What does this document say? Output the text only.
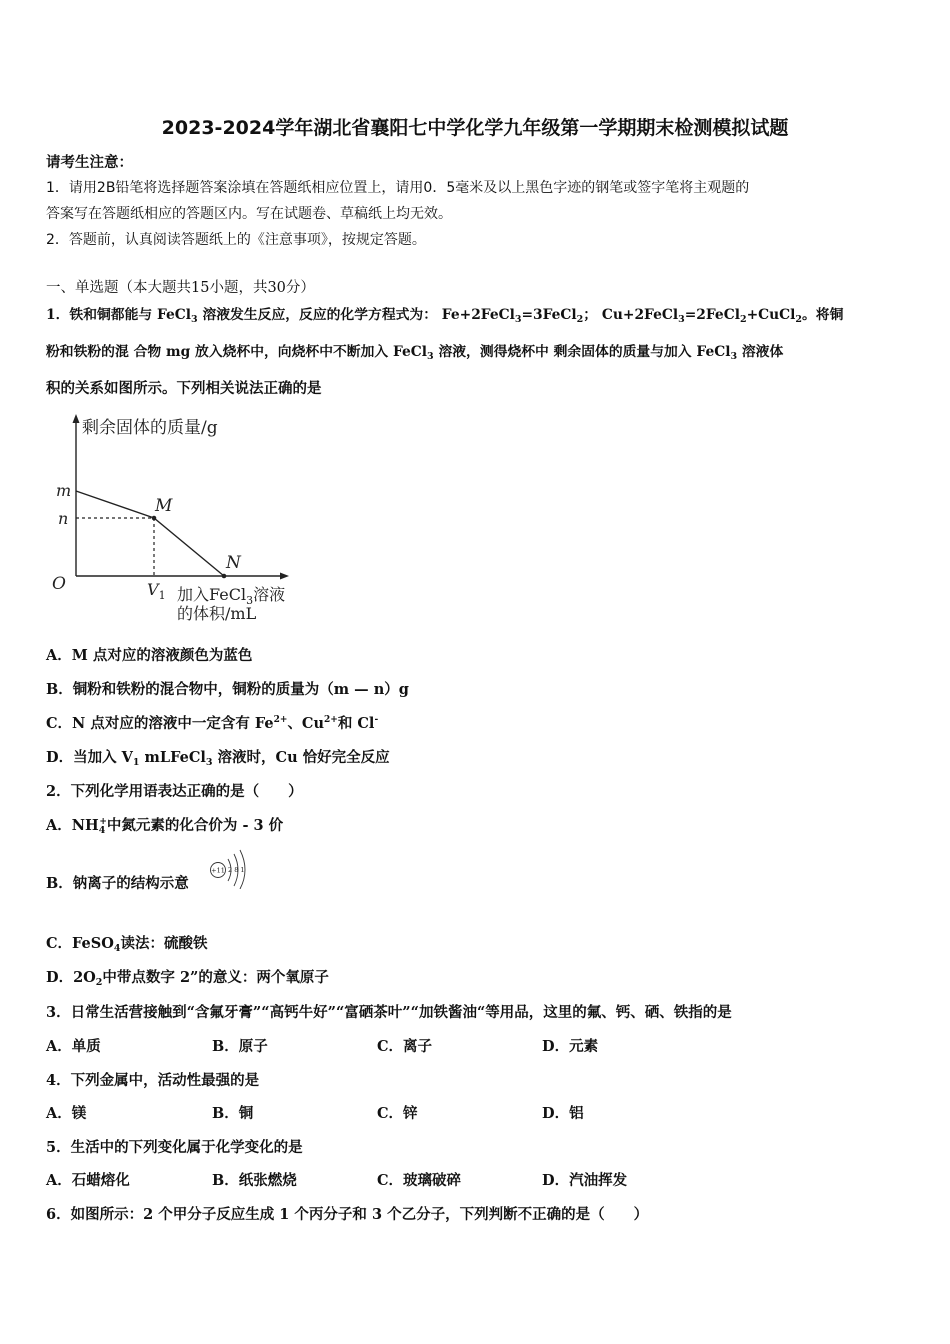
2023-2024学年湖北省襄阳七中学化学九年级第一学期期末检测模拟试题
请考生注意：
1．请用2B铅笔将选择题答案涂填在答题纸相应位置上，请用0．5毫米及以上黑色字迹的钢笔或签字笔将主观题的
答案写在答题纸相应的答题区内。写在试题卷、草稿纸上均无效。
2．答题前，认真阅读答题纸上的《注意事项》，按规定答题。
一、单选题（本大题共15小题，共30分）
1．铁和铜都能与 FeCl$_3$ 溶液发生反应，反应的化学方程式为： Fe+2FeCl$_3$=3FeCl$_2$； Cu+2FeCl$_3$=2FeCl$_2$+CuCl$_2$。将铜
粉和铁粉的混 合物 mg 放入烧杯中，向烧杯中不断加入 FeCl$_3$ 溶液，测得烧杯中 剩余固体的质量与加入 FeCl$_3$ 溶液体
积的关系如图所示。下列相关说法正确的是
剩余固体的质量/g
m
n
M
N
O	$V_1$ 加入FeCl$_3$溶液
的体积/mL
A．M 点对应的溶液颜色为蓝色
B．铜粉和铁粉的混合物中，铜粉的质量为（m — n）g
C．N 点对应的溶液中一定含有 $Fe^{2+}$、$Cu^{2+}$和 Cl-
D．当加入 $V_1$ mLFeCl$_3$ 溶液时，Cu 恰好完全反应
2．下列化学用语表达正确的是（　　）
A．$NH_4^+$中氮元素的化合价为 - 3 价
B．钠离子的结构示意
+11 2 8 1
C．FeSO$_4$读法：硫酸铁
D．$2O_2$中带点数字 2”的意义：两个氧原子
3．日常生活营接触到“含氟牙膏”“高钙牛好”“富硒茶叶”“加铁酱油“等用品，这里的氟、钙、硒、铁指的是
A．单质	B．原子	C．离子	D．元素
4．下列金属中，活动性最强的是
A．镁	B．铜	C．锌	D．铝
5．生活中的下列变化属于化学变化的是
A．石蜡熔化	B．纸张燃烧	C．玻璃破碎	D．汽油挥发
6．如图所示：2 个甲分子反应生成 1 个丙分子和 3 个乙分子，下列判断不正确的是（　　）
